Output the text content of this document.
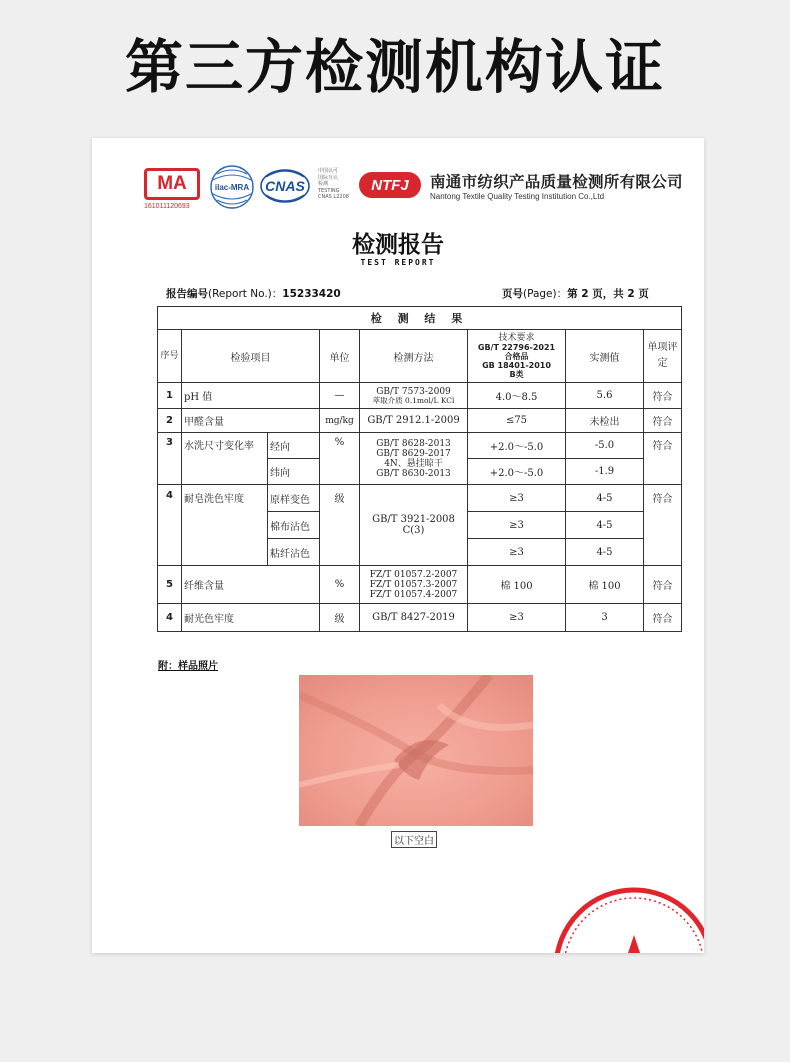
第三方检测机构认证
MA
161011120693
ilac-MRA CNAS
中国认可
国际互认
检测
TESTING
CNAS L2208
NTFJ	南通市纺织产品质量检测所有限公司
Nantong Textile Quality Testing Institution Co.,Ltd
检测报告
TEST REPORT
报告编号(Report No.)：15233420	页号(Page)：第 2 页，共 2 页
检 测 结 果							
序号	检验项目		单位	检测方法	技术要求
GB/T 22796-2021
合格品
GB 18401-2010
B类	实测值	单项评定
1	pH 值		—	GB/T 7573-2009
萃取介质 0.1mol/L KCl	4.0～8.5	5.6	符合
2	甲醛含量		mg/kg	GB/T 2912.1-2009	≤75	未检出	符合
3	水洗尺寸变化率	经向	%	GB/T 8628-2013
GB/T 8629-2017
4N、悬挂晾干
GB/T 8630-2013	+2.0～-5.0	-5.0	符合
		纬向			+2.0～-5.0	-1.9	
4	耐皂洗色牢度	原样变色	级	GB/T 3921-2008
C(3)	≥3	4-5	符合
		棉布沾色			≥3	4-5	
		粘纤沾色			≥3	4-5	
5	纤维含量		%	FZ/T 01057.2-2007
FZ/T 01057.3-2007
FZ/T 01057.4-2007	棉 100	棉 100	符合
4	耐光色牢度		级	GB/T 8427-2019	≥3	3	符合
附：样品照片
以下空白
